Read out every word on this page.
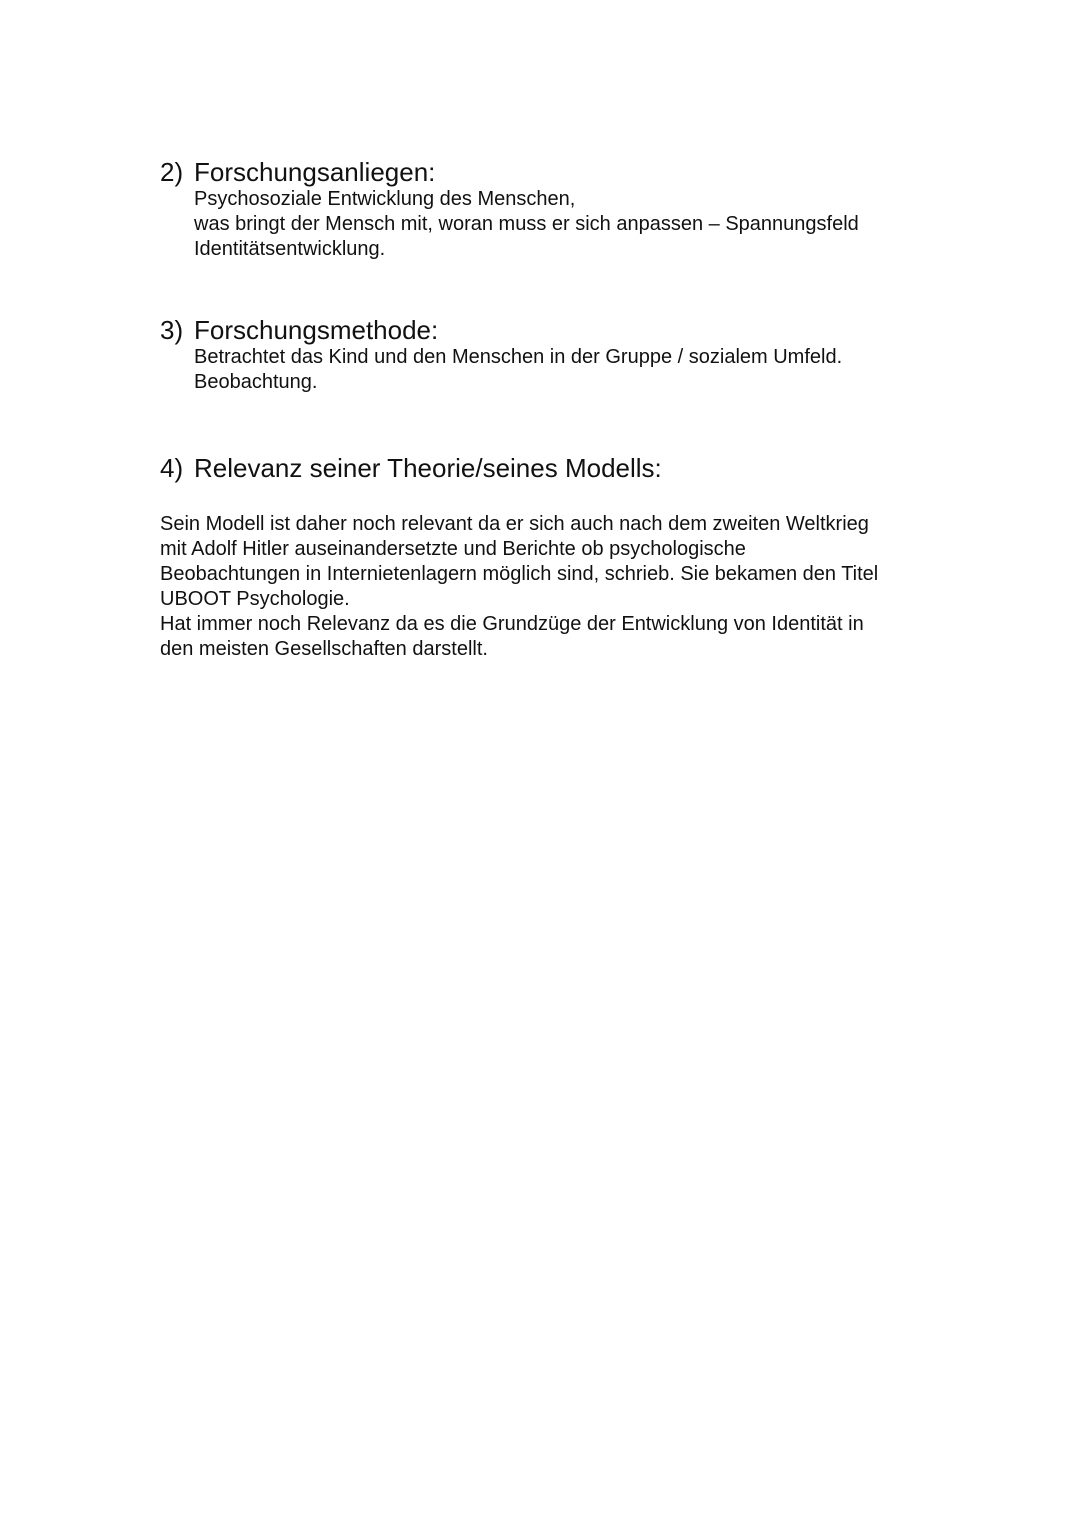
2) Forschungsanliegen:
Psychosoziale Entwicklung des Menschen,
was bringt der Mensch mit, woran muss er sich anpassen – Spannungsfeld
Identitätsentwicklung.
3) Forschungsmethode:
Betrachtet das Kind und den Menschen in der Gruppe / sozialem Umfeld.
Beobachtung.
4) Relevanz seiner Theorie/seines Modells:
Sein Modell ist daher noch relevant da er sich auch nach dem zweiten Weltkrieg
mit Adolf Hitler auseinandersetzte und Berichte ob psychologische
Beobachtungen in Internietenlagern möglich sind, schrieb. Sie bekamen den Titel
UBOOT Psychologie.
Hat immer noch Relevanz da es die Grundzüge der Entwicklung von Identität in
den meisten Gesellschaften darstellt.
